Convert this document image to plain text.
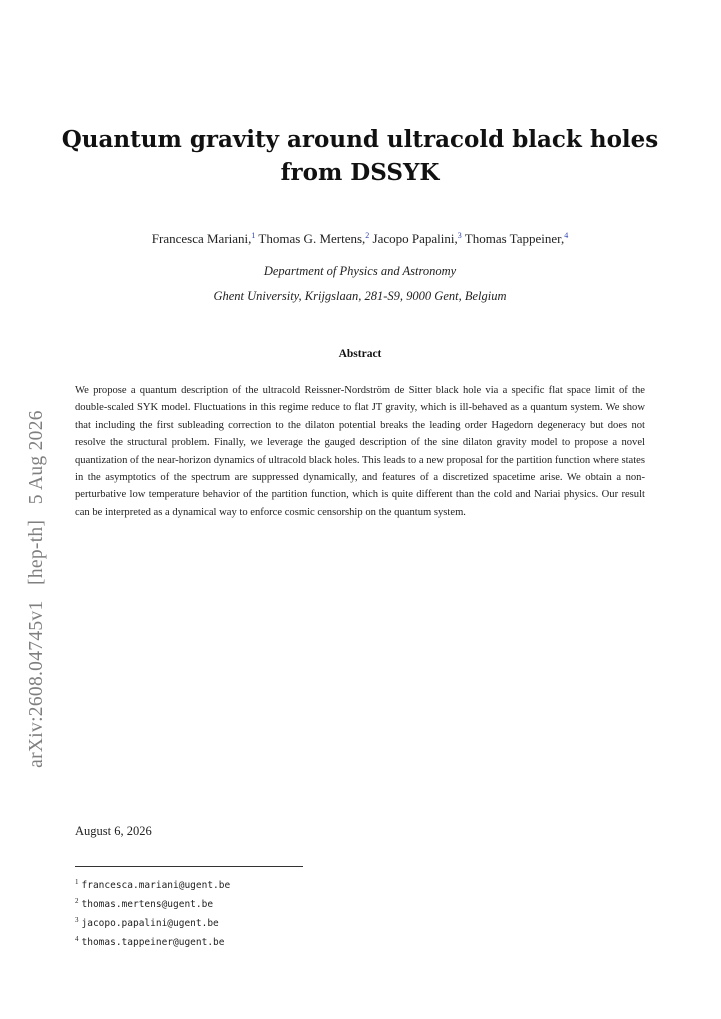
arXiv:2608.04745v1   [hep-th]   5 Aug 2026
Quantum gravity around ultracold black holes
from DSSYK
Francesca Mariani,$^1$ Thomas G. Mertens,$^2$ Jacopo Papalini,$^3$ Thomas Tappeiner,$^4$
Department of Physics and Astronomy
Ghent University, Krijgslaan, 281-S9, 9000 Gent, Belgium
Abstract
We propose a quantum description of the ultracold Reissner-Nordström de Sitter black hole via a specific flat space limit of the double-scaled SYK model. Fluctuations in this regime reduce to flat JT gravity, which is ill-behaved as a quantum system. We show that including the first subleading correction to the dilaton potential breaks the leading order Hagedorn degeneracy but does not resolve the structural problem. Finally, we leverage the gauged description of the sine dilaton gravity model to propose a novel quantization of the near-horizon dynamics of ultracold black holes. This leads to a new proposal for the partition function where states in the asymptotics of the spectrum are suppressed dynamically, and features of a discretized spacetime arise. We obtain a non-perturbative low temperature behavior of the partition function, which is quite different than the cold and Nariai physics. Our result can be interpreted as a dynamical way to enforce cosmic censorship on the quantum system.
August 6, 2026
$^1$ francesca.mariani@ugent.be
$^2$ thomas.mertens@ugent.be
$^3$ jacopo.papalini@ugent.be
$^4$ thomas.tappeiner@ugent.be
